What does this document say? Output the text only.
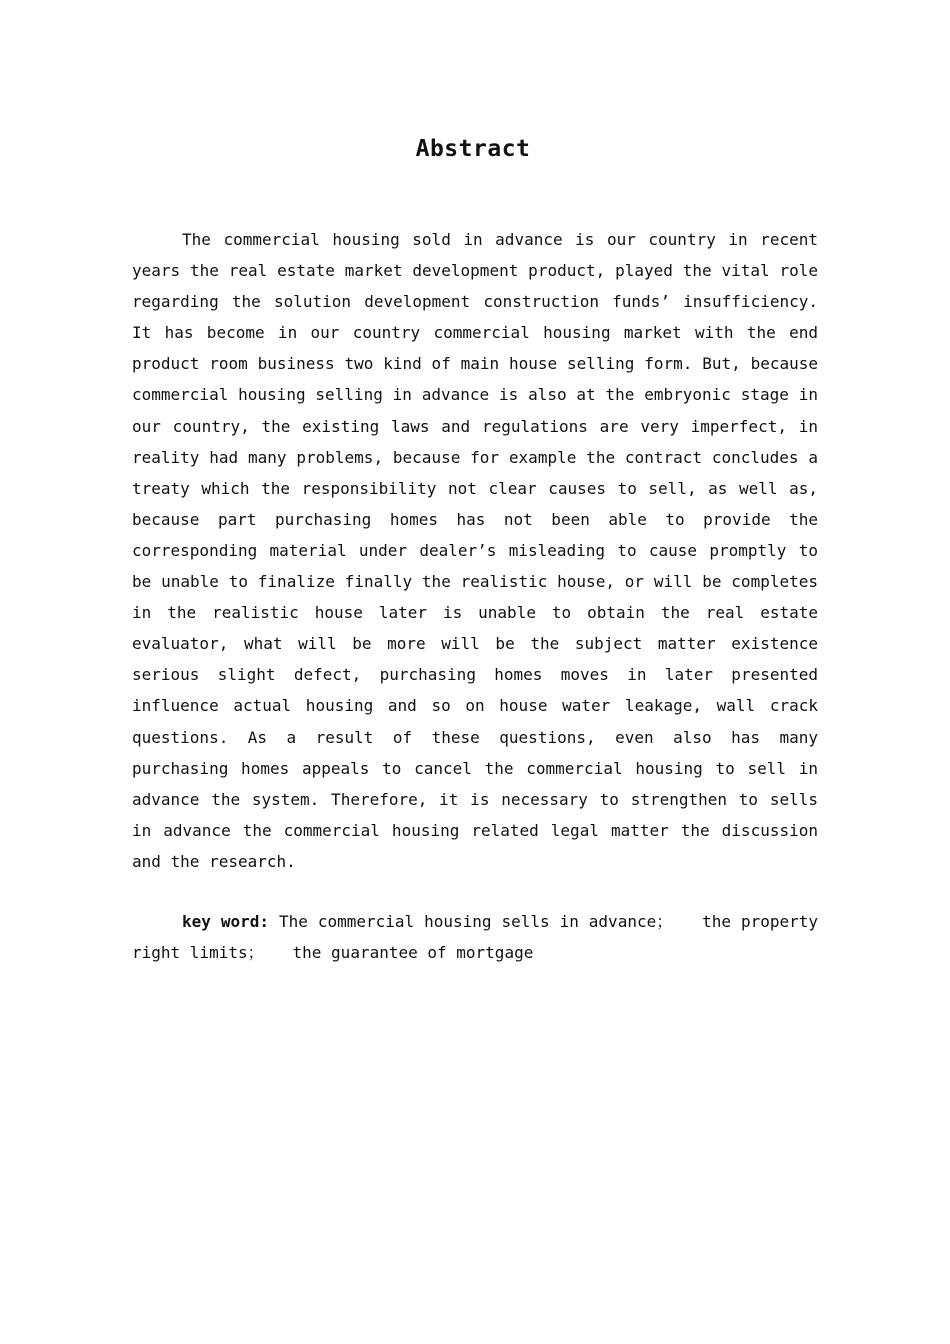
Abstract

The commercial housing sold in advance is our country in recent years the real estate market development product, played the vital role regarding the solution development construction funds’ insufficiency. It has become in our country commercial housing market with the end product room business two kind of main house selling form. But, because commercial housing selling in advance is also at the embryonic stage in our country, the existing laws and regulations are very imperfect, in reality had many problems, because for example the contract concludes a treaty which the responsibility not clear causes to sell, as well as, because part purchasing homes has not been able to provide the corresponding material under dealer’s misleading to cause promptly to be unable to finalize finally the realistic house, or will be completes in the realistic house later is unable to obtain the real estate evaluator, what will be more will be the subject matter existence serious slight defect, purchasing homes moves in later presented influence actual housing and so on house water leakage, wall crack questions. As a result of these questions, even also has many purchasing homes appeals to cancel the commercial housing to sell in advance the system. Therefore, it is necessary to strengthen to sells in advance the commercial housing related legal matter the discussion and the research.

key word: The commercial housing sells in advance； the property right limits； the guarantee of mortgage
